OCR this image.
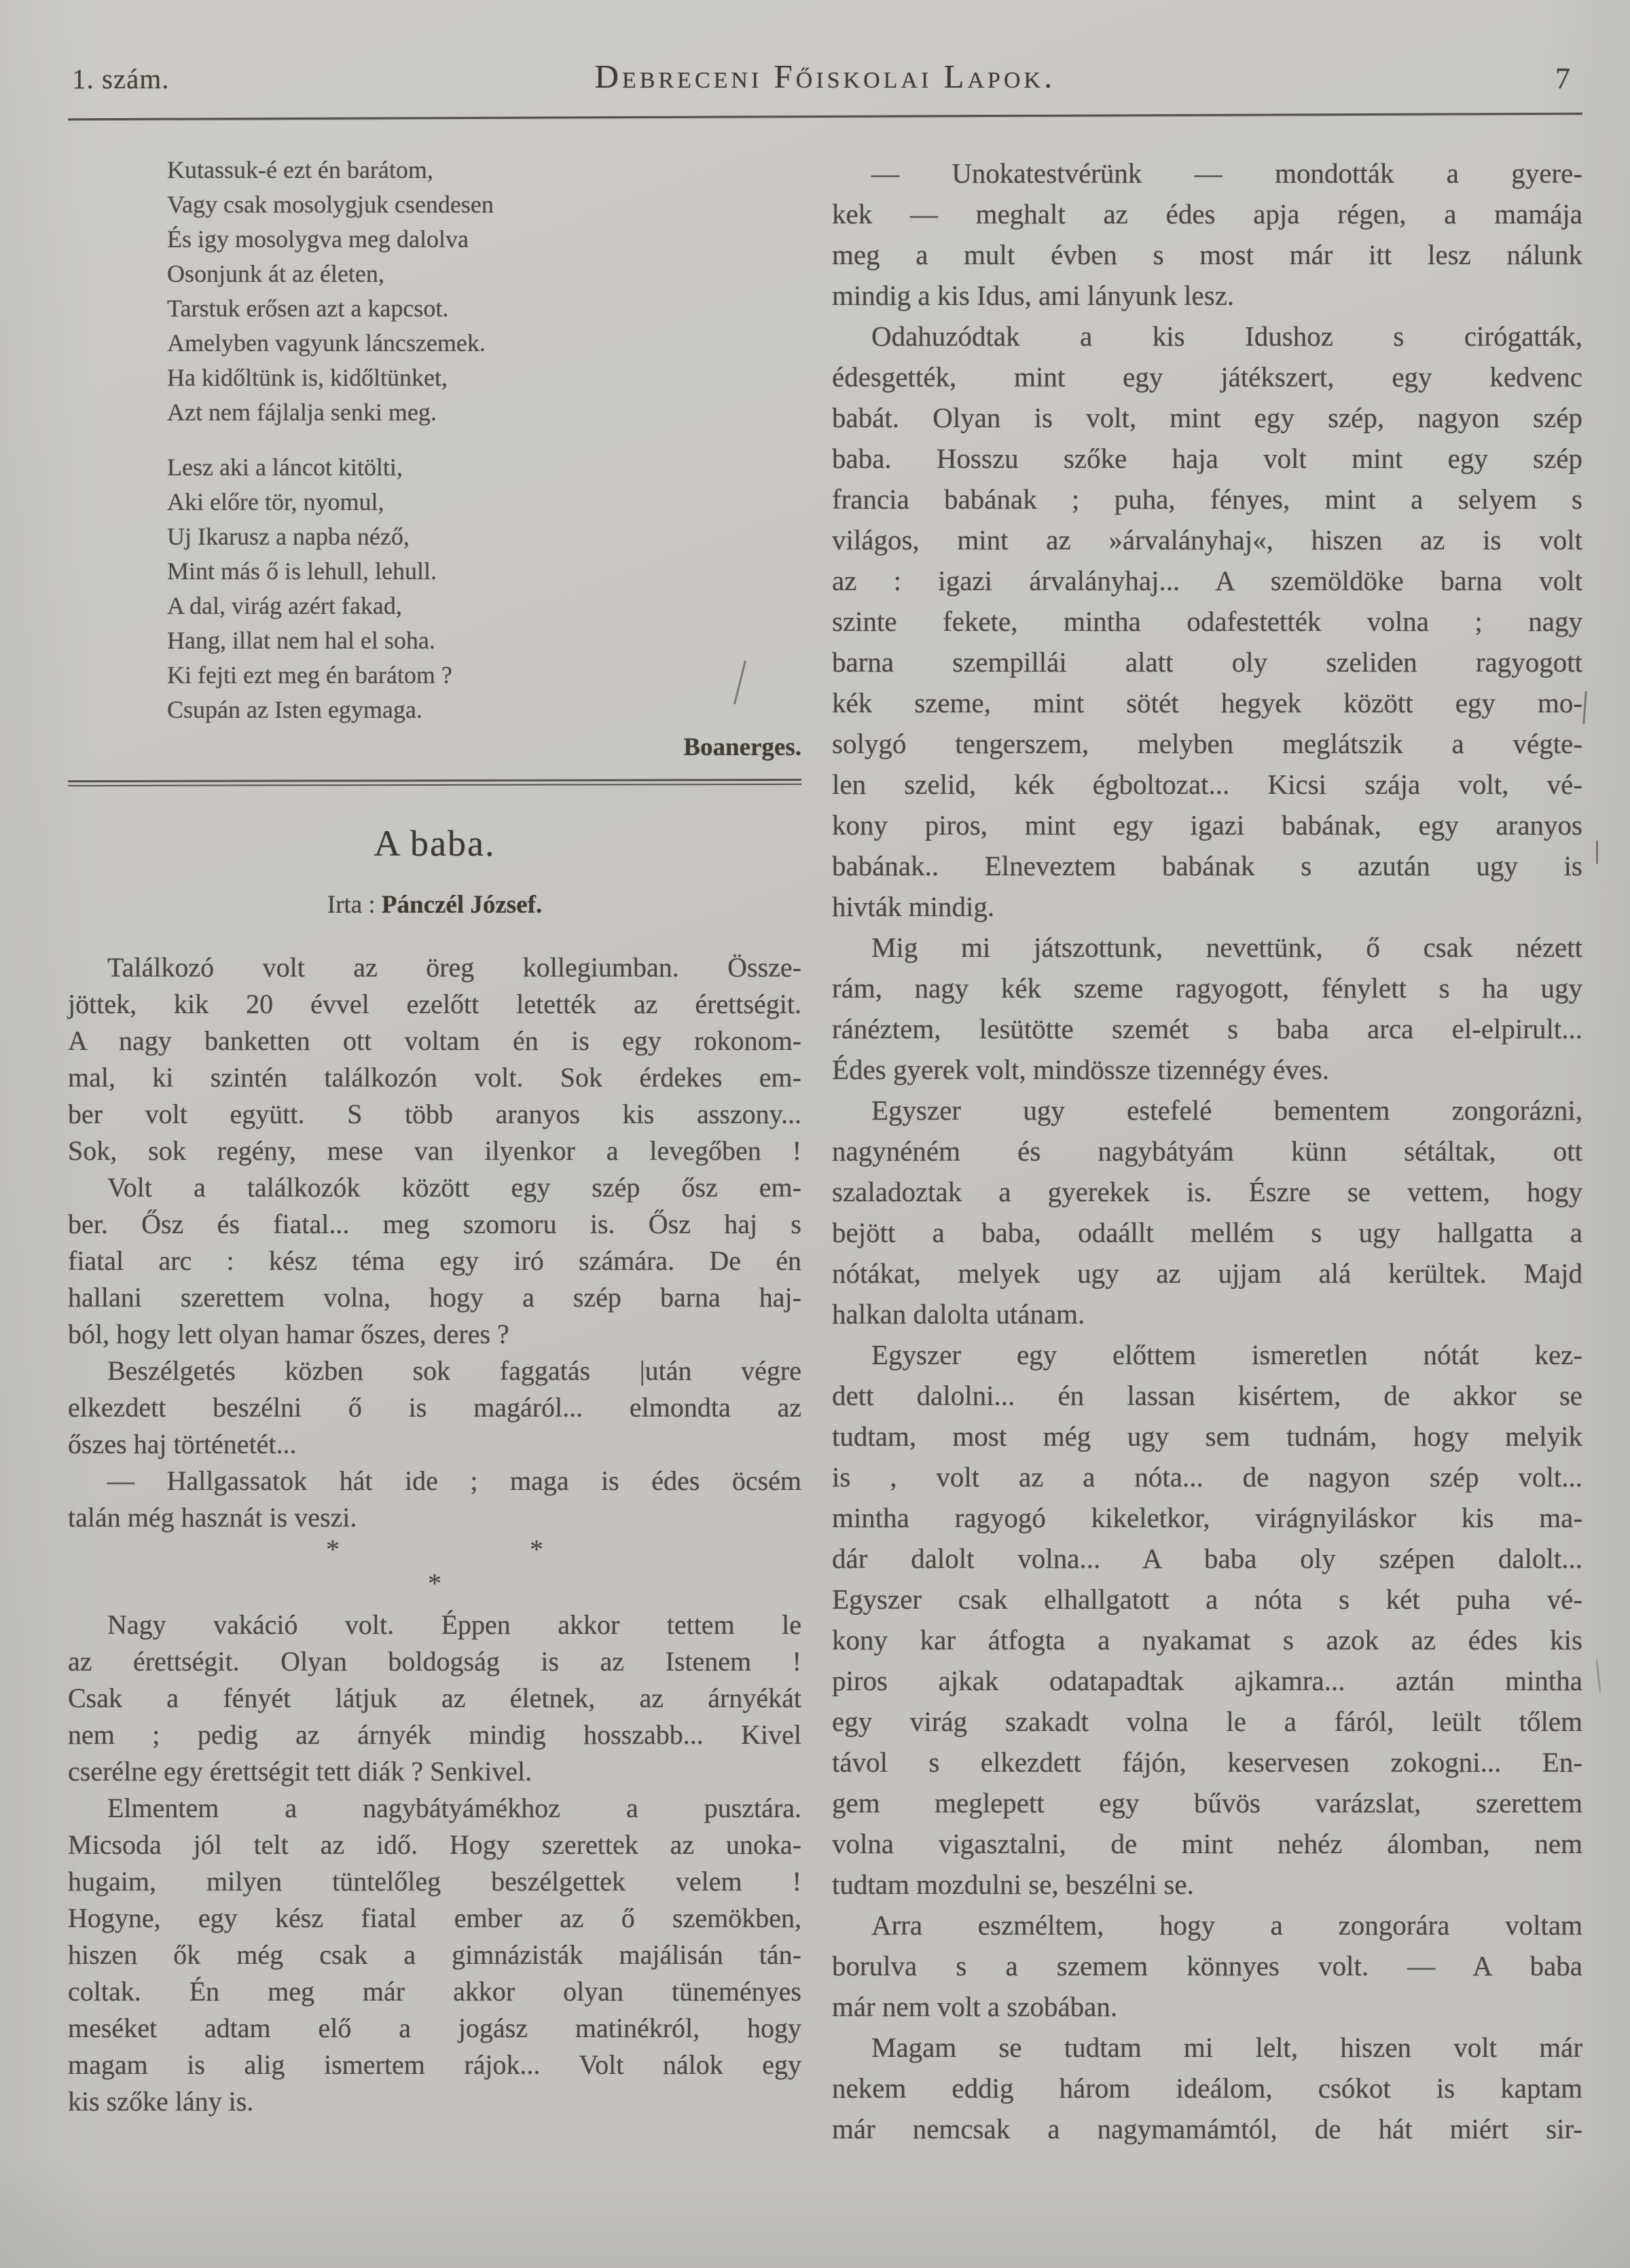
1. szám.	Debreceni Főiskolai Lapok.	7
Kutassuk-é ezt én barátom,
Vagy csak mosolygjuk csendesen
És igy mosolygva meg dalolva
Osonjunk át az életen,
Tarstuk erősen azt a kapcsot.
Amelyben vagyunk láncszemek.
Ha kidőltünk is, kidőltünket,
Azt nem fájlalja senki meg.
Lesz aki a láncot kitölti,
Aki előre tör, nyomul,
Uj Ikarusz a napba néző,
Mint más ő is lehull, lehull.
A dal, virág azért fakad,
Hang, illat nem hal el soha.
Ki fejti ezt meg én barátom ?
Csupán az Isten egymaga.
Boanerges.
A baba.
Irta : Pánczél József.
Találkozó volt az öreg kollegiumban. Össze-
jöttek, kik 20 évvel ezelőtt letették az érettségit.
A nagy banketten ott voltam én is egy rokonom-
mal, ki szintén találkozón volt. Sok érdekes em-
ber volt együtt. S több aranyos kis asszony...
Sok, sok regény, mese van ilyenkor a levegőben !
Volt a találkozók között egy szép ősz em-
ber. Ősz és fiatal... meg szomoru is. Ősz haj s
fiatal arc : kész téma egy iró számára. De én
hallani szerettem volna, hogy a szép barna haj-
ból, hogy lett olyan hamar őszes, deres ?
Beszélgetés közben sok faggatás |után végre
elkezdett beszélni ő is magáról... elmondta az
őszes haj történetét...
— Hallgassatok hát ide ; maga is édes öcsém
talán még hasznát is veszi.
*	*
*
Nagy vakáció volt. Éppen akkor tettem le
az érettségit. Olyan boldogság is az Istenem !
Csak a fényét látjuk az életnek, az árnyékát
nem ; pedig az árnyék mindig hosszabb... Kivel
cserélne egy érettségit tett diák ? Senkivel.
Elmentem a nagybátyámékhoz a pusztára.
Micsoda jól telt az idő. Hogy szerettek az unoka-
hugaim, milyen tüntelőleg beszélgettek velem !
Hogyne, egy kész fiatal ember az ő szemökben,
hiszen ők még csak a gimnázisták majálisán tán-
coltak. Én meg már akkor olyan tüneményes
meséket adtam elő a jogász matinékról, hogy
magam is alig ismertem rájok... Volt nálok egy
kis szőke lány is.
— Unokatestvérünk — mondották a gyere-
kek — meghalt az édes apja régen, a mamája
meg a mult évben s most már itt lesz nálunk
mindig a kis Idus, ami lányunk lesz.
Odahuzódtak a kis Idushoz s cirógatták,
édesgették, mint egy játékszert, egy kedvenc
babát. Olyan is volt, mint egy szép, nagyon szép
baba. Hosszu szőke haja volt mint egy szép
francia babának ; puha, fényes, mint a selyem s
világos, mint az »árvalányhaj«, hiszen az is volt
az : igazi árvalányhaj... A szemöldöke barna volt
szinte fekete, mintha odafestették volna ; nagy
barna szempillái alatt oly szeliden ragyogott
kék szeme, mint sötét hegyek között egy mo-
solygó tengerszem, melyben meglátszik a végte-
len szelid, kék égboltozat... Kicsi szája volt, vé-
kony piros, mint egy igazi babának, egy aranyos
babának.. Elneveztem babának s azután ugy is
hivták mindig.
Mig mi játszottunk, nevettünk, ő csak nézett
rám, nagy kék szeme ragyogott, fénylett s ha ugy
ránéztem, lesütötte szemét s baba arca el-elpirult...
Édes gyerek volt, mindössze tizennégy éves.
Egyszer ugy estefelé bementem zongorázni,
nagynéném és nagybátyám künn sétáltak, ott
szaladoztak a gyerekek is. Észre se vettem, hogy
bejött a baba, odaállt mellém s ugy hallgatta a
nótákat, melyek ugy az ujjam alá kerültek. Majd
halkan dalolta utánam.
Egyszer egy előttem ismeretlen nótát kez-
dett dalolni... én lassan kisértem, de akkor se
tudtam, most még ugy sem tudnám, hogy melyik
is , volt az a nóta... de nagyon szép volt...
mintha ragyogó kikeletkor, virágnyiláskor kis ma-
dár dalolt volna... A baba oly szépen dalolt...
Egyszer csak elhallgatott a nóta s két puha vé-
kony kar átfogta a nyakamat s azok az édes kis
piros ajkak odatapadtak ajkamra... aztán mintha
egy virág szakadt volna le a fáról, leült tőlem
távol s elkezdett fájón, keservesen zokogni... En-
gem meglepett egy bűvös varázslat, szerettem
volna vigasztalni, de mint nehéz álomban, nem
tudtam mozdulni se, beszélni se.
Arra eszméltem, hogy a zongorára voltam
borulva s a szemem könnyes volt. — A baba
már nem volt a szobában.
Magam se tudtam mi lelt, hiszen volt már
nekem eddig három ideálom, csókot is kaptam
már nemcsak a nagymamámtól, de hát miért sir-
